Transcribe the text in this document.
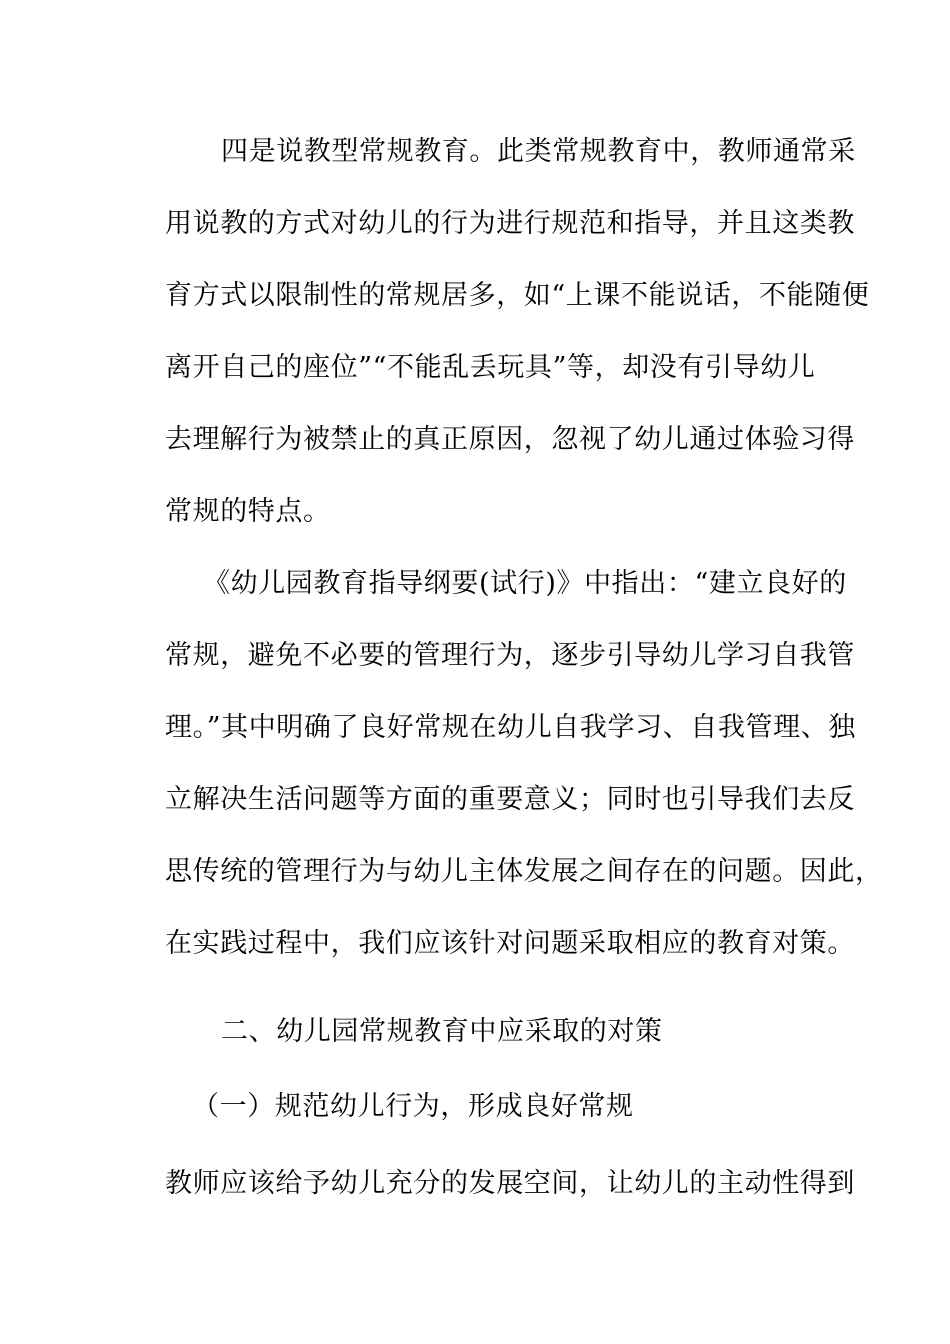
四是说教型常规教育。此类常规教育中，教师通常采
用说教的方式对幼儿的行为进行规范和指导，并且这类教
育方式以限制性的常规居多，如“上课不能说话，不能随便
离开自己的座位”“不能乱丢玩具”等，却没有引导幼儿
去理解行为被禁止的真正原因，忽视了幼儿通过体验习得
常规的特点。
《幼儿园教育指导纲要(试行)》中指出：“建立良好的
常规，避免不必要的管理行为，逐步引导幼儿学习自我管
理。”其中明确了良好常规在幼儿自我学习、自我管理、独
立解决生活问题等方面的重要意义；同时也引导我们去反
思传统的管理行为与幼儿主体发展之间存在的问题。因此，
在实践过程中，我们应该针对问题采取相应的教育对策。
二、幼儿园常规教育中应采取的对策
（一）规范幼儿行为，形成良好常规
教师应该给予幼儿充分的发展空间，让幼儿的主动性得到
